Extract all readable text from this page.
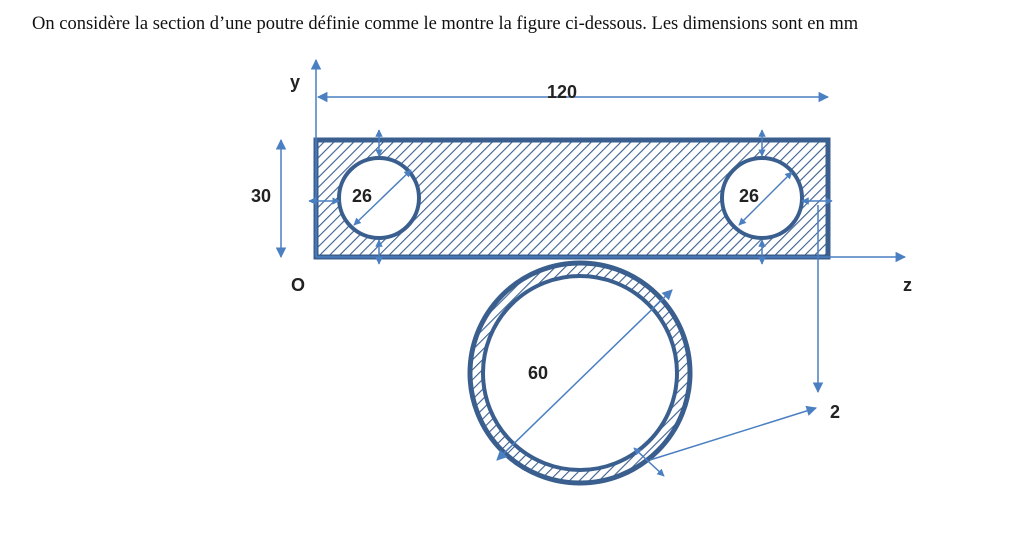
On considère la section d’une poutre définie comme le montre la figure ci-dessous. Les dimensions sont en mm
y
z
O
120
30	26	26
60
2
